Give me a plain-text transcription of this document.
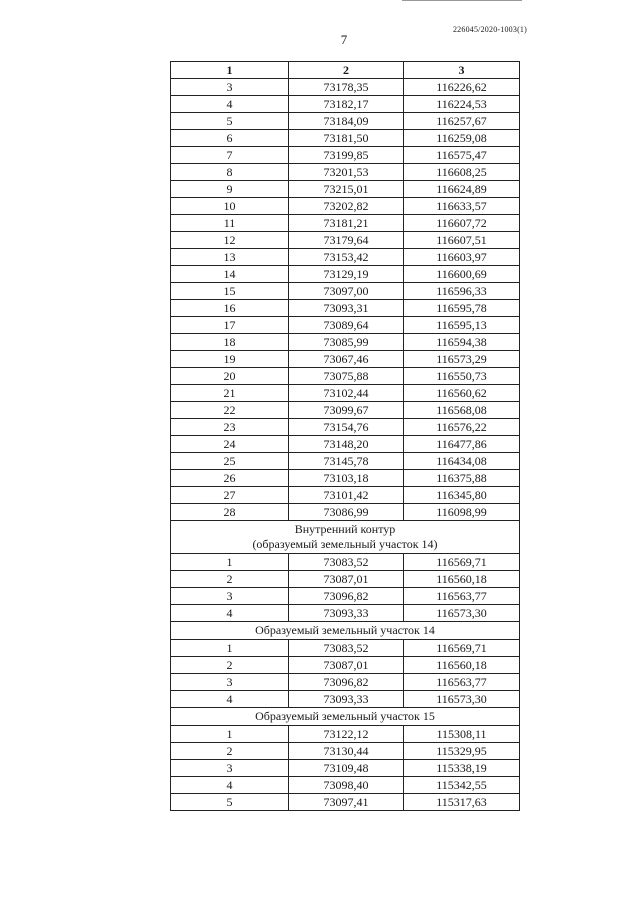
226045/2020-1003(1)
7
1	2	3
3	73178,35	116226,62
4	73182,17	116224,53
5	73184,09	116257,67
6	73181,50	116259,08
7	73199,85	116575,47
8	73201,53	116608,25
9	73215,01	116624,89
10	73202,82	116633,57
11	73181,21	116607,72
12	73179,64	116607,51
13	73153,42	116603,97
14	73129,19	116600,69
15	73097,00	116596,33
16	73093,31	116595,78
17	73089,64	116595,13
18	73085,99	116594,38
19	73067,46	116573,29
20	73075,88	116550,73
21	73102,44	116560,62
22	73099,67	116568,08
23	73154,76	116576,22
24	73148,20	116477,86
25	73145,78	116434,08
26	73103,18	116375,88
27	73101,42	116345,80
28	73086,99	116098,99

Внутренний контур
(образуемый земельный участок 14)		

1	73083,52	116569,71
2	73087,01	116560,18
3	73096,82	116563,77
4	73093,33	116573,30

Образуемый земельный участок 14		

1	73083,52	116569,71
2	73087,01	116560,18
3	73096,82	116563,77
4	73093,33	116573,30

Образуемый земельный участок 15		

1	73122,12	115308,11
2	73130,44	115329,95
3	73109,48	115338,19
4	73098,40	115342,55
5	73097,41	115317,63
